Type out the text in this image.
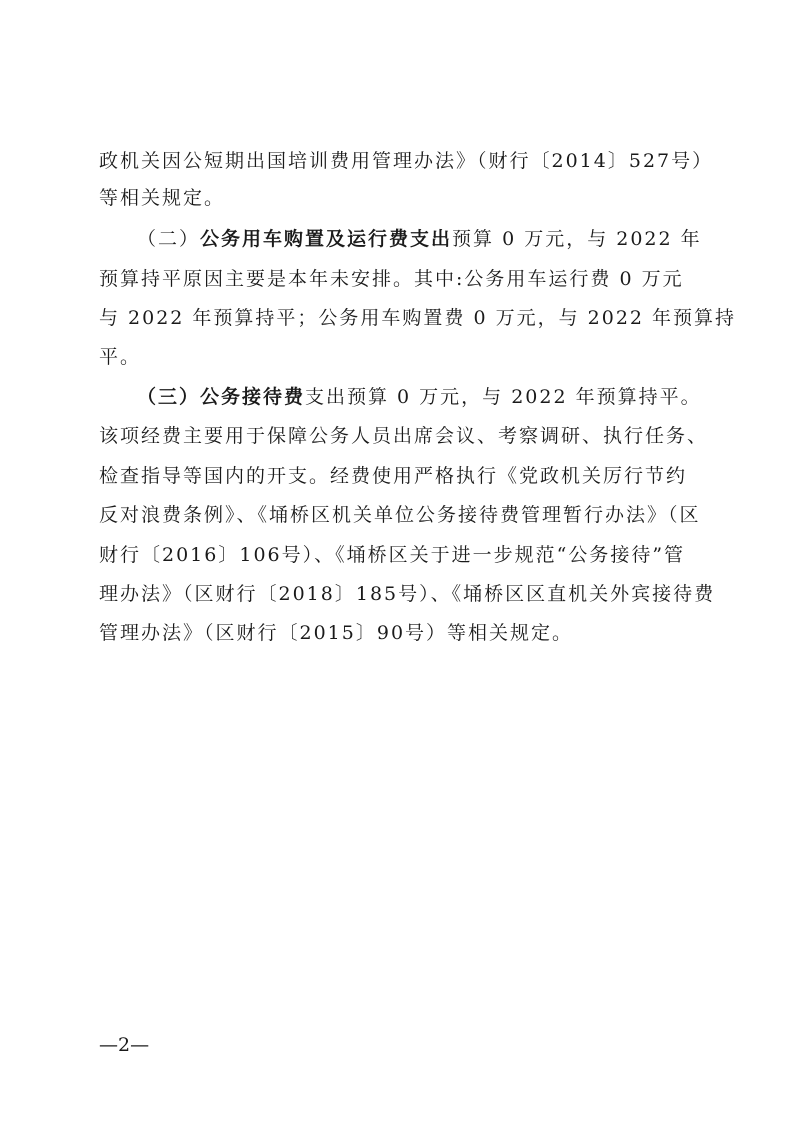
政机关因公短期出国培训费用管理办法》（财行〔2014〕527号）
等相关规定。
（二）公务用车购置及运行费支出预算 0 万元，与 2022 年
预算持平原因主要是本年未安排。其中:公务用车运行费 0 万元
与 2022 年预算持平；公务用车购置费 0 万元，与 2022 年预算持
平。
（三）公务接待费支出预算 0 万元，与 2022 年预算持平。
该项经费主要用于保障公务人员出席会议、考察调研、执行任务、
检查指导等国内的开支。经费使用严格执行《党政机关厉行节约
反对浪费条例》、《埇桥区机关单位公务接待费管理暂行办法》（区
财行〔2016〕106号）、《埇桥区关于进一步规范“公务接待”管
理办法》（区财行〔2018〕185号）、《埇桥区区直机关外宾接待费
管理办法》（区财行〔2015〕90号）等相关规定。
—2—
